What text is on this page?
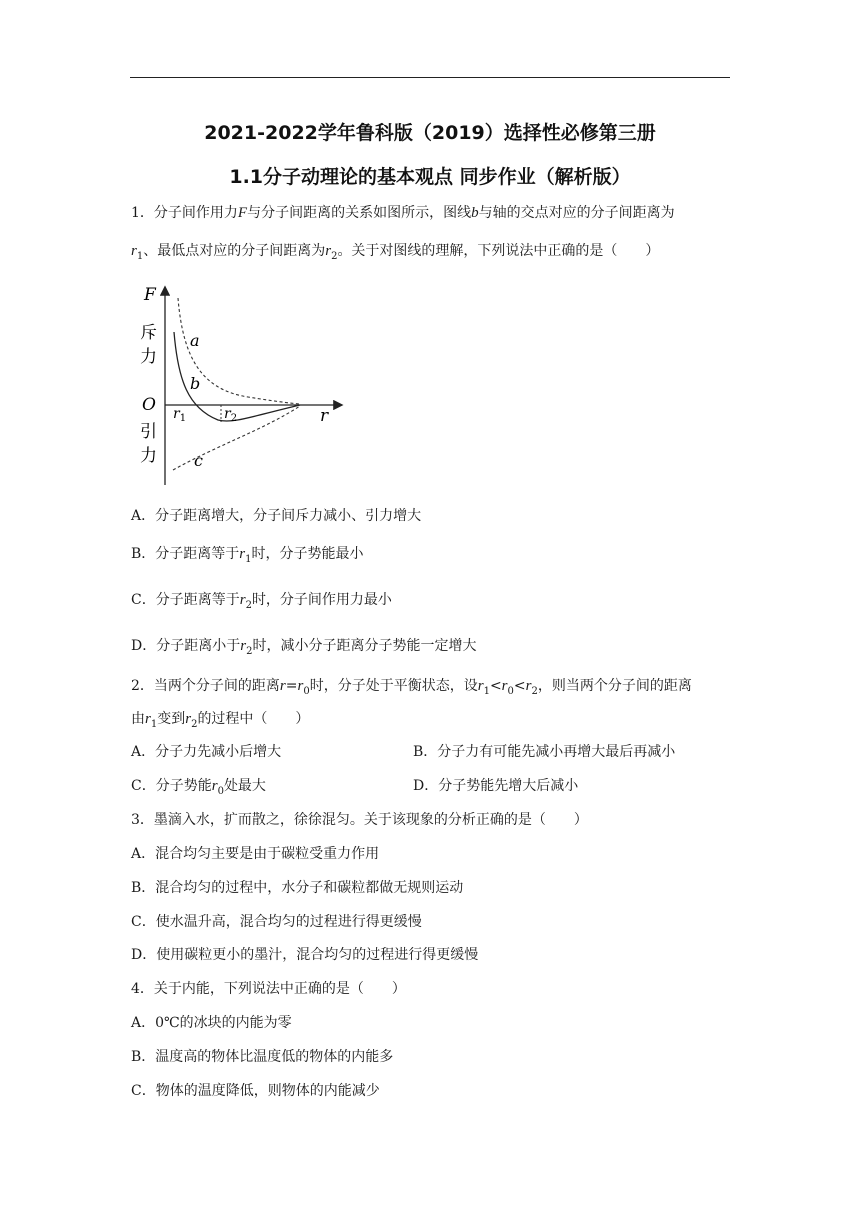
2021-2022学年鲁科版（2019）选择性必修第三册
1.1分子动理论的基本观点 同步作业（解析版）
1．分子间作用力F与分子间距离的关系如图所示，图线b与轴的交点对应的分子间距离为
$r_1$、最低点对应的分子间距离为$r_2$。关于对图线的理解，下列说法中正确的是（　　）
F
斥
力
O
引
力
a
b
c
r
$r_1$	$r_2$
A．分子距离增大，分子间斥力减小、引力增大
B．分子距离等于$r_1$时，分子势能最小
C．分子距离等于$r_2$时，分子间作用力最小
D．分子距离小于$r_2$时，减小分子距离分子势能一定增大
2．当两个分子间的距离$r=r_0$时，分子处于平衡状态，设$r_1<r_0<r_2$，则当两个分子间的距离
由$r_1$变到$r_2$的过程中（　　）
A．分子力先减小后增大	B．分子力有可能先减小再增大最后再减小
C．分子势能$r_0$处最大	D．分子势能先增大后减小
3．墨滴入水，扩而散之，徐徐混匀。关于该现象的分析正确的是（　　）
A．混合均匀主要是由于碳粒受重力作用
B．混合均匀的过程中，水分子和碳粒都做无规则运动
C．使水温升高，混合均匀的过程进行得更缓慢
D．使用碳粒更小的墨汁，混合均匀的过程进行得更缓慢
4．关于内能，下列说法中正确的是（　　）
A．0℃的冰块的内能为零
B．温度高的物体比温度低的物体的内能多
C．物体的温度降低，则物体的内能减少
